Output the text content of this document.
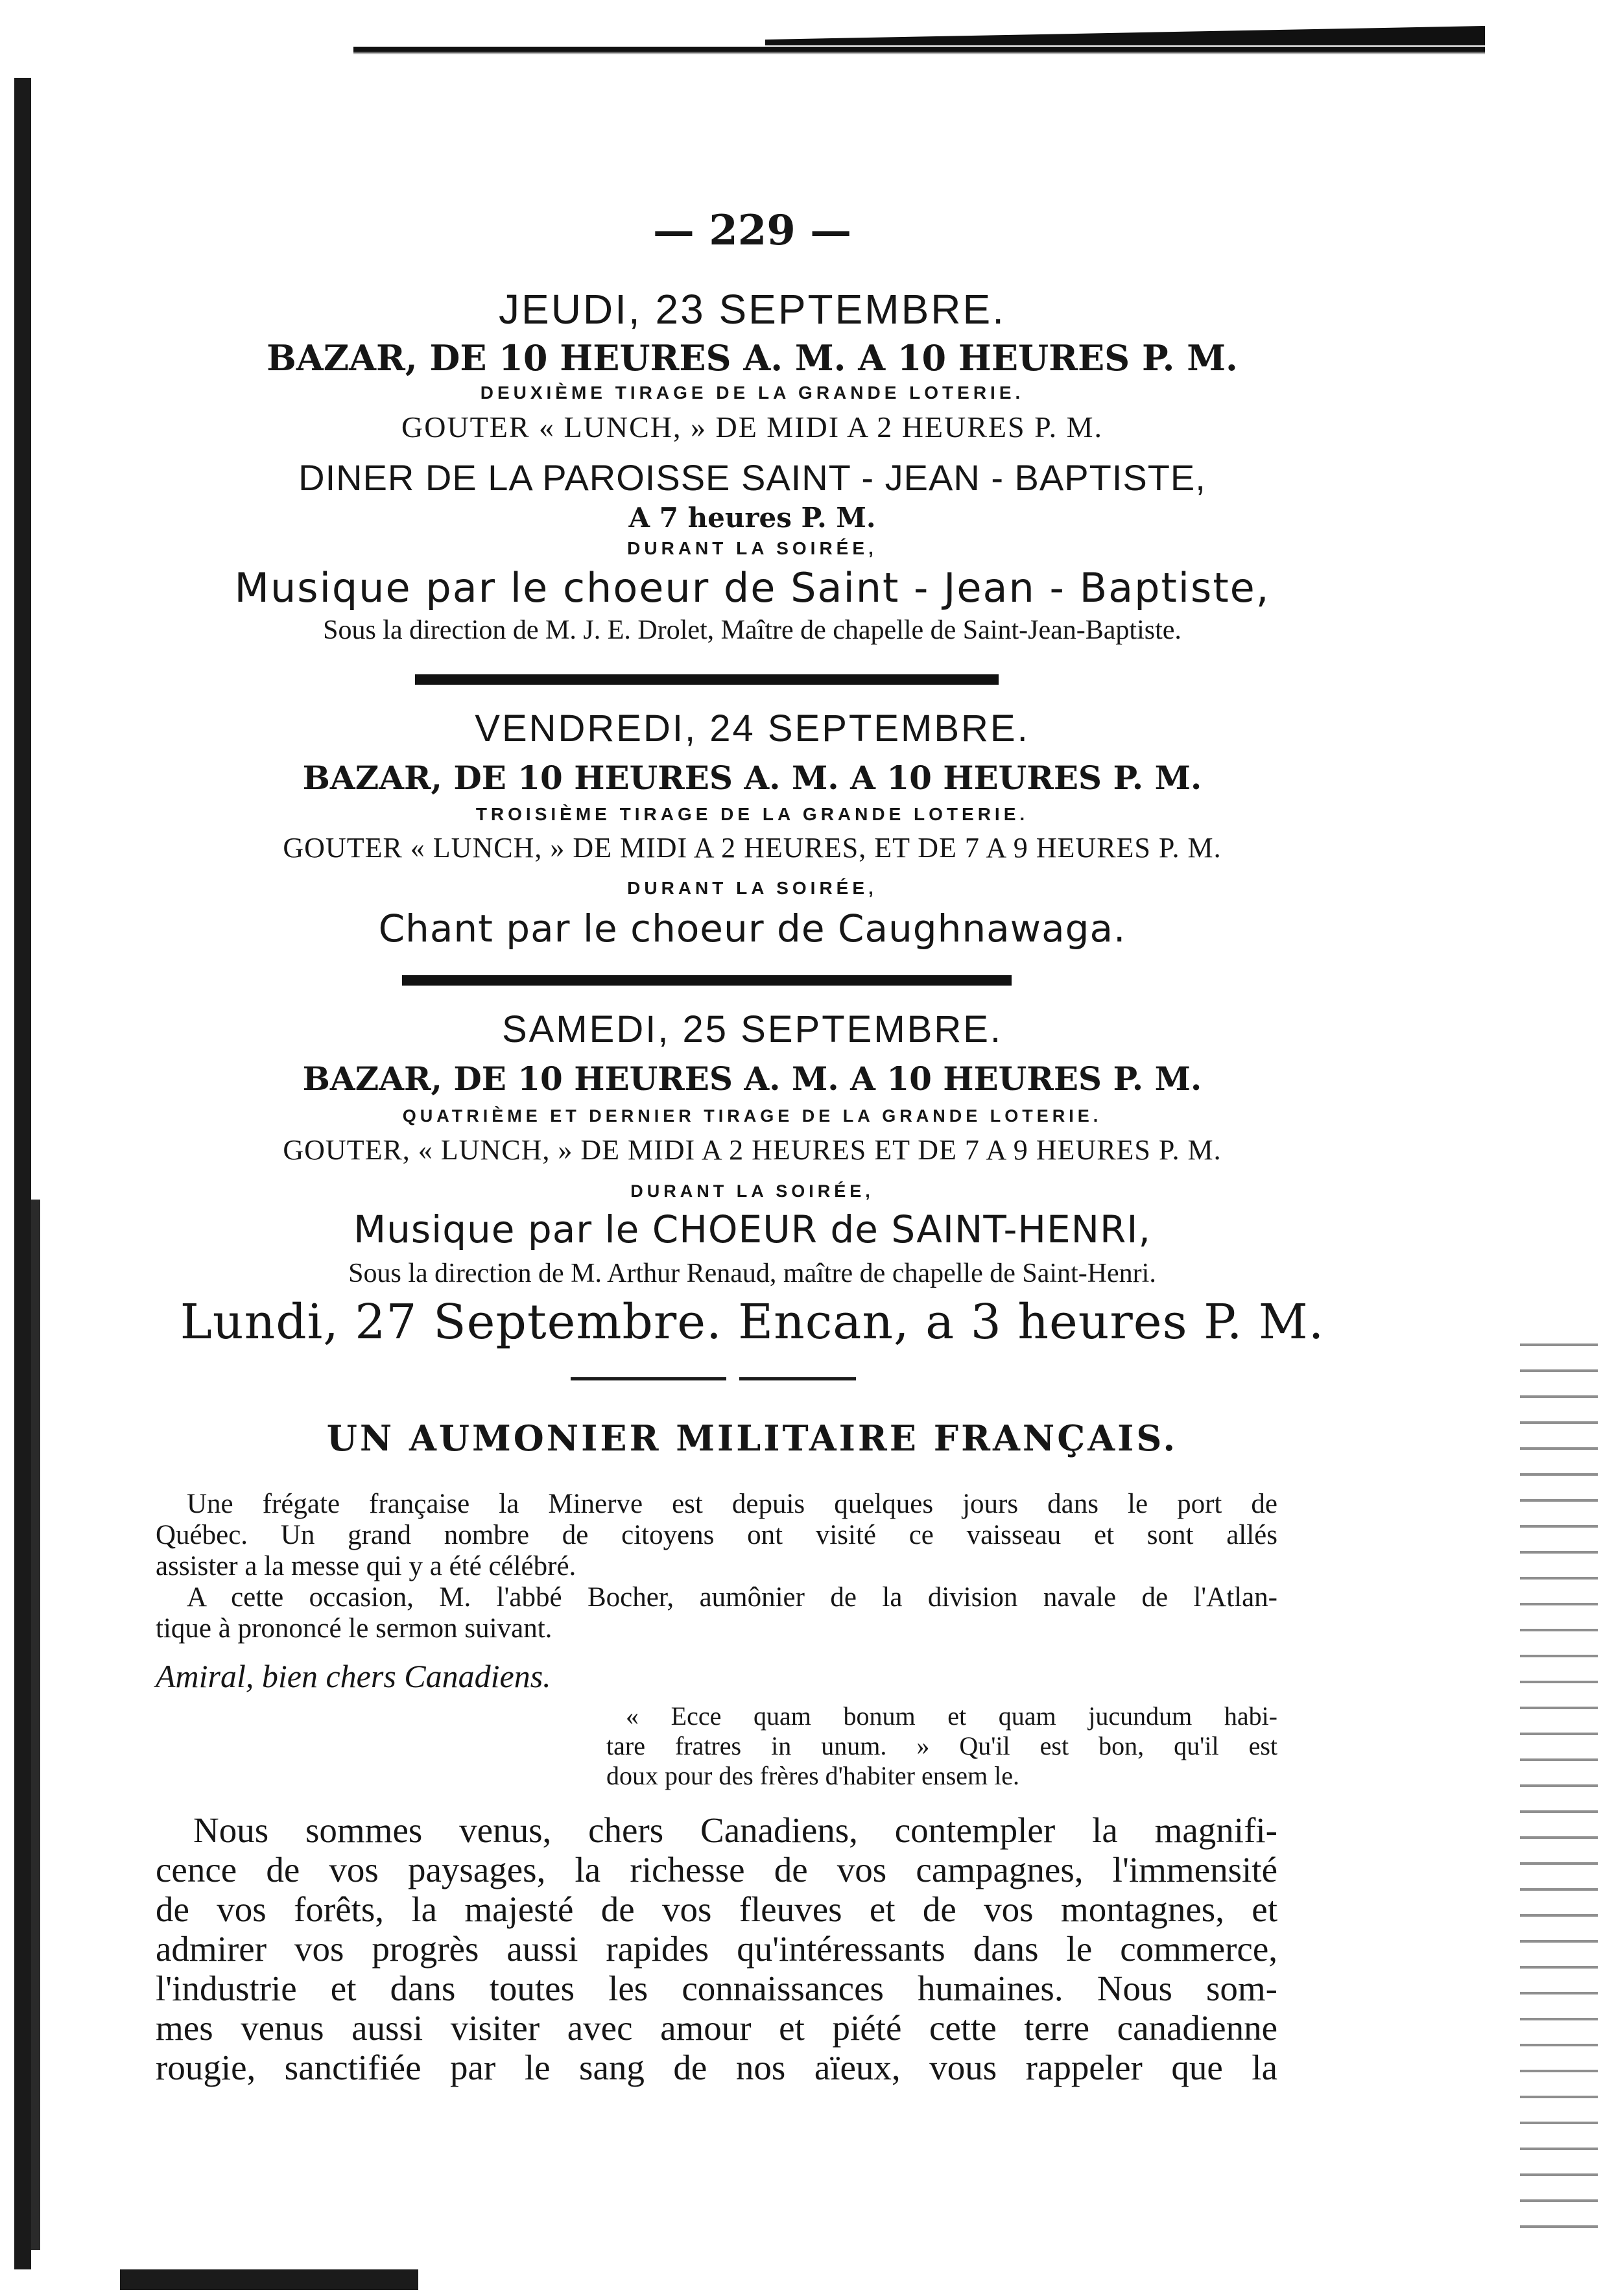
— 229 —
JEUDI, 23 SEPTEMBRE.
BAZAR, DE 10 HEURES A. M. A 10 HEURES P. M.
DEUXIÈME TIRAGE DE LA GRANDE LOTERIE.
GOUTER « LUNCH, » DE MIDI A 2 HEURES P. M.
DINER DE LA PAROISSE SAINT - JEAN - BAPTISTE,
A 7 heures P. M.
DURANT LA SOIRÉE,
Musique par le choeur de Saint - Jean - Baptiste,
Sous la direction de M. J. E. Drolet, Maître de chapelle de Saint-Jean-Baptiste.
VENDREDI, 24 SEPTEMBRE.
BAZAR, DE 10 HEURES A. M. A 10 HEURES P. M.
TROISIÈME TIRAGE DE LA GRANDE LOTERIE.
GOUTER « LUNCH, » DE MIDI A 2 HEURES, ET DE 7 A 9 HEURES P. M.
DURANT LA SOIRÉE,
Chant par le choeur de Caughnawaga.
SAMEDI, 25 SEPTEMBRE.
BAZAR, DE 10 HEURES A. M. A 10 HEURES P. M.
QUATRIÈME ET DERNIER TIRAGE DE LA GRANDE LOTERIE.
GOUTER, « LUNCH, » DE MIDI A 2 HEURES ET DE 7 A 9 HEURES P. M.
DURANT LA SOIRÉE,
Musique par le CHOEUR de SAINT-HENRI,
Sous la direction de M. Arthur Renaud, maître de chapelle de Saint-Henri.
Lundi, 27 Septembre. Encan, a 3 heures P. M.
UN AUMONIER MILITAIRE FRANÇAIS.
Une frégate française la Minerve est depuis quelques jours dans le port de
Québec. Un grand nombre de citoyens ont visité ce vaisseau et sont allés
assister a la messe qui y a été célébré.
A cette occasion, M. l'abbé Bocher, aumônier de la division navale de l'Atlan-
tique à prononcé le sermon suivant.
Amiral, bien chers Canadiens.
« Ecce quam bonum et quam jucundum habi-
tare fratres in unum. » Qu'il est bon, qu'il est
doux pour des frères d'habiter ensem le.
Nous sommes venus, chers Canadiens, contempler la magnifi-
cence de vos paysages, la richesse de vos campagnes, l'immensité
de vos forêts, la majesté de vos fleuves et de vos montagnes, et
admirer vos progrès aussi rapides qu'intéressants dans le commerce,
l'industrie et dans toutes les connaissances humaines. Nous som-
mes venus aussi visiter avec amour et piété cette terre canadienne
rougie, sanctifiée par le sang de nos aïeux, vous rappeler que la
